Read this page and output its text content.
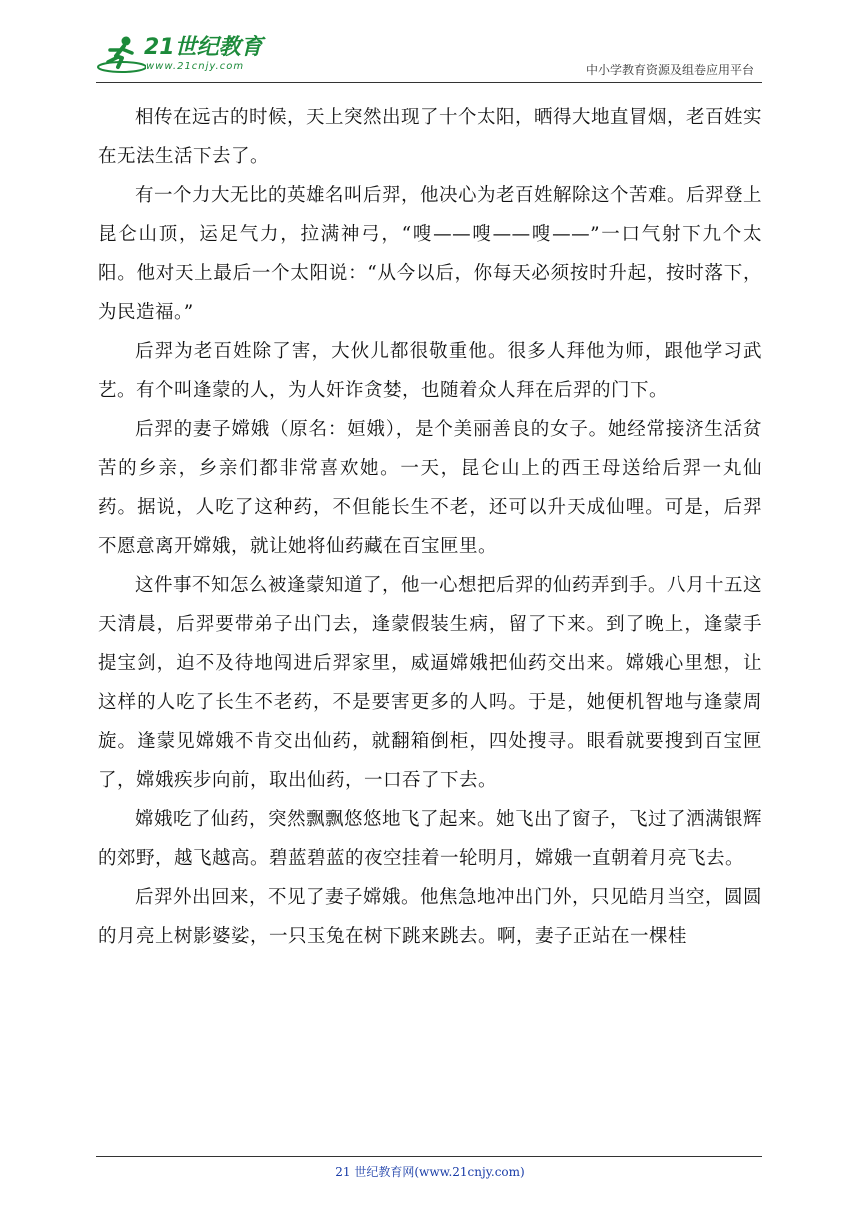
21世纪教育
www.21cnjy.com	中小学教育资源及组卷应用平台

相传在远古的时候，天上突然出现了十个太阳，晒得大地直冒烟，老百姓实在无法生活下去了。

有一个力大无比的英雄名叫后羿，他决心为老百姓解除这个苦难。后羿登上昆仑山顶，运足气力，拉满神弓，“嗖——嗖——嗖——”一口气射下九个太阳。他对天上最后一个太阳说：“从今以后，你每天必须按时升起，按时落下，为民造福。”

后羿为老百姓除了害，大伙儿都很敬重他。很多人拜他为师，跟他学习武艺。有个叫逢蒙的人，为人奸诈贪婪，也随着众人拜在后羿的门下。

后羿的妻子嫦娥（原名：姮娥），是个美丽善良的女子。她经常接济生活贫苦的乡亲，乡亲们都非常喜欢她。一天，昆仑山上的西王母送给后羿一丸仙药。据说，人吃了这种药，不但能长生不老，还可以升天成仙哩。可是，后羿不愿意离开嫦娥，就让她将仙药藏在百宝匣里。

这件事不知怎么被逢蒙知道了，他一心想把后羿的仙药弄到手。八月十五这天清晨，后羿要带弟子出门去，逢蒙假装生病，留了下来。到了晚上，逢蒙手提宝剑，迫不及待地闯进后羿家里，威逼嫦娥把仙药交出来。嫦娥心里想，让这样的人吃了长生不老药，不是要害更多的人吗。于是，她便机智地与逢蒙周旋。逢蒙见嫦娥不肯交出仙药，就翻箱倒柜，四处搜寻。眼看就要搜到百宝匣了，嫦娥疾步向前，取出仙药，一口吞了下去。

嫦娥吃了仙药，突然飘飘悠悠地飞了起来。她飞出了窗子，飞过了洒满银辉的郊野，越飞越高。碧蓝碧蓝的夜空挂着一轮明月，嫦娥一直朝着月亮飞去。

后羿外出回来，不见了妻子嫦娥。他焦急地冲出门外，只见皓月当空，圆圆的月亮上树影婆娑，一只玉兔在树下跳来跳去。啊，妻子正站在一棵桂

21 世纪教育网(www.21cnjy.com)
